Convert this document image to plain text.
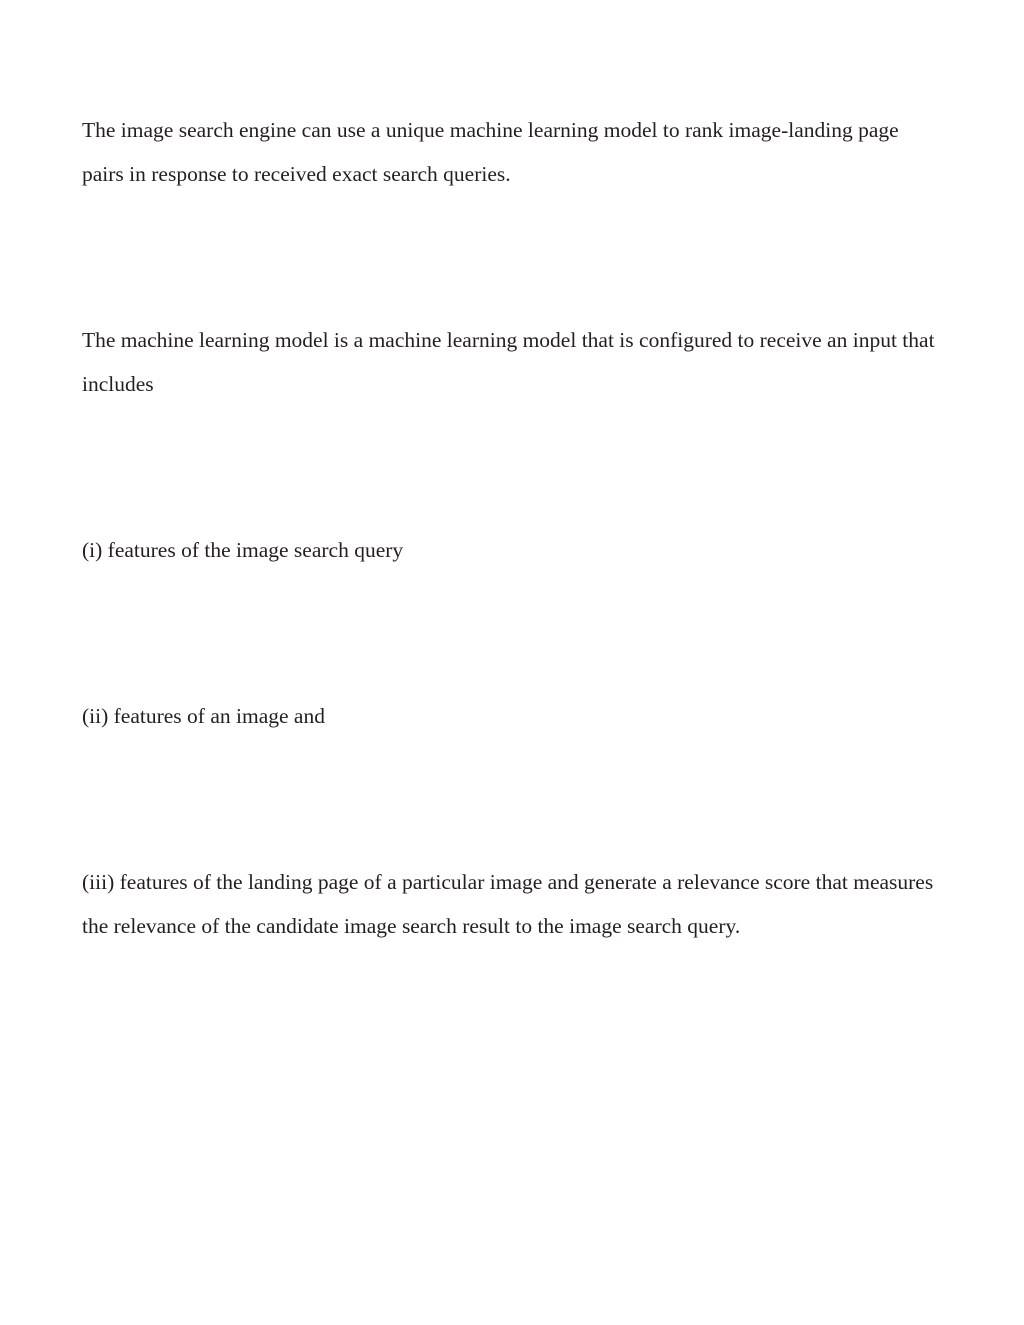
The image search engine can use a unique machine learning model to rank image-landing page pairs in response to received exact search queries.

The machine learning model is a machine learning model that is configured to receive an input that includes

(i) features of the image search query

(ii) features of an image and

(iii) features of the landing page of a particular image and generate a relevance score that measures the relevance of the candidate image search result to the image search query.
